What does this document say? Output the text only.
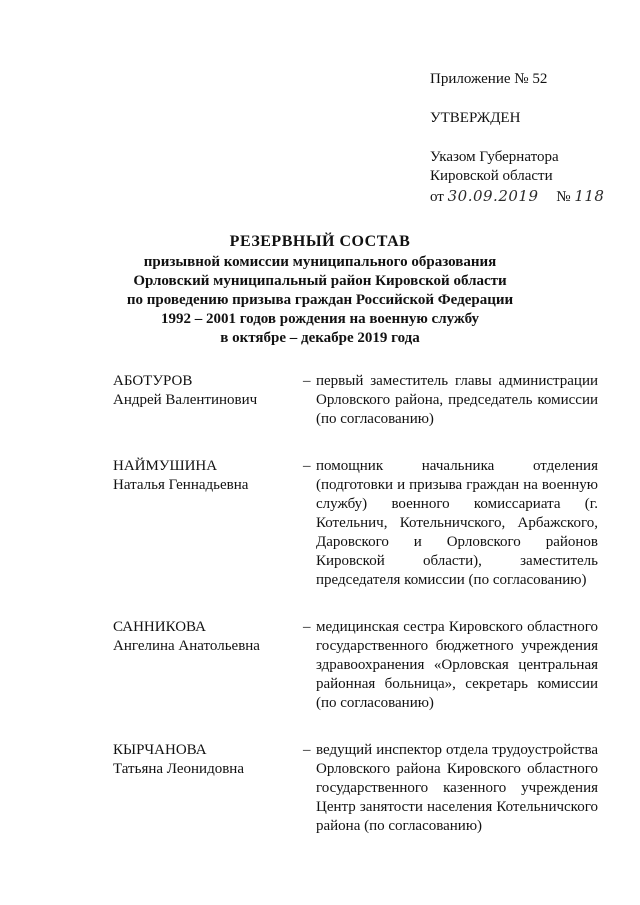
Приложение № 52
УТВЕРЖДЕН
Указом Губернатора
Кировской области
от 30.09.2019 № 118
РЕЗЕРВНЫЙ СОСТАВ
призывной комиссии муниципального образования
Орловский муниципальный район Кировской области
по проведению призыва граждан Российской Федерации
1992 – 2001 годов рождения на военную службу
в октябре – декабре 2019 года
АБОТУРОВ
Андрей Валентинович
– первый заместитель главы администрации Орловского района, председатель комиссии (по согласованию)
НАЙМУШИНА
Наталья Геннадьевна
– помощник начальника отделения (подготовки и призыва граждан на военную службу) военного комиссариата (г. Котельнич, Котельничского, Арбажского, Даровского и Орловского районов Кировской области), заместитель председателя комиссии (по согласованию)
САННИКОВА
Ангелина Анатольевна
– медицинская сестра Кировского областного государственного бюджетного учреждения здравоохранения «Орловская центральная районная больница», секретарь комиссии (по согласованию)
КЫРЧАНОВА
Татьяна Леонидовна
– ведущий инспектор отдела трудоустройства Орловского района Кировского областного государственного казенного учреждения Центр занятости населения Котельничского района (по согласованию)
